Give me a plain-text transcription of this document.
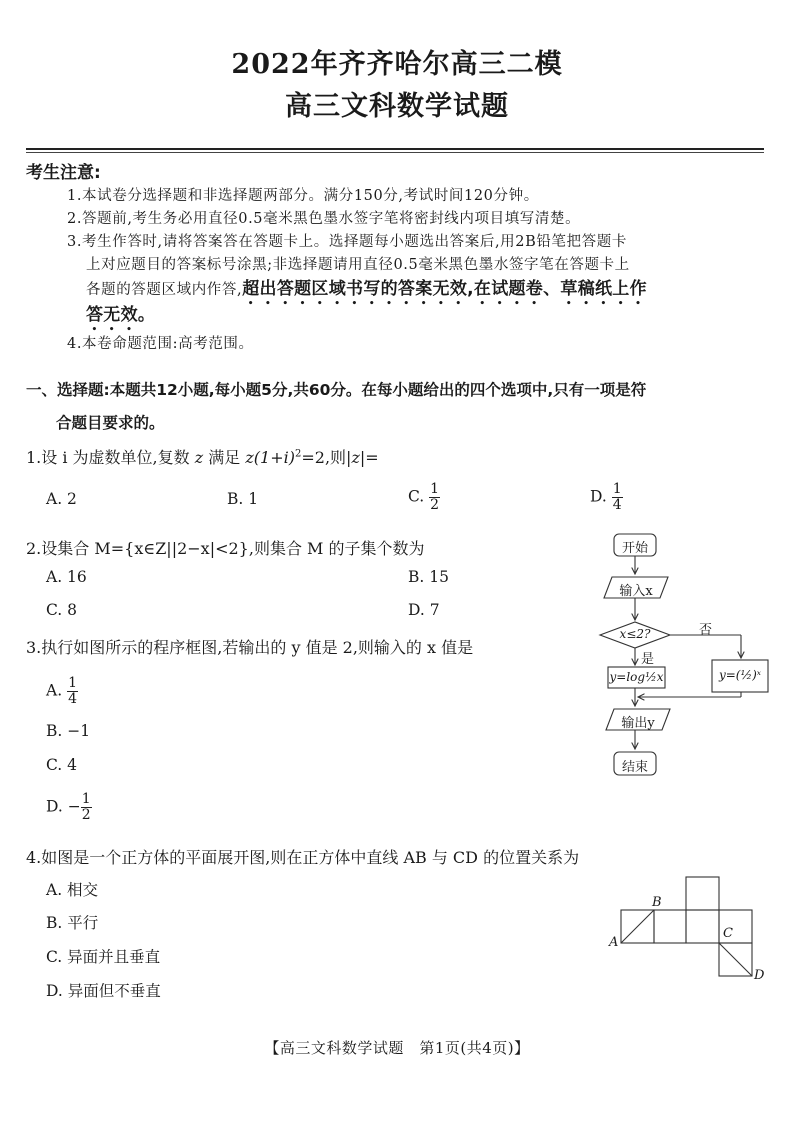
2022年齐齐哈尔高三二模
高三文科数学试题
考生注意:
1.本试卷分选择题和非选择题两部分。满分150分,考试时间120分钟。
2.答题前,考生务必用直径0.5毫米黑色墨水签字笔将密封线内项目填写清楚。
3.考生作答时,请将答案答在答题卡上。选择题每小题选出答案后,用2B铅笔把答题卡
上对应题目的答案标号涂黑;非选择题请用直径0.5毫米黑色墨水签字笔在答题卡上
各题的答题区域内作答,超出答题区域书写的答案无效,在试题卷、草稿纸上作
答无效。
4.本卷命题范围:高考范围。
一、选择题:本题共12小题,每小题5分,共60分。在每小题给出的四个选项中,只有一项是符
合题目要求的。
1.设 i 为虚数单位,复数 z 满足 $z(1+i)^2=2$,则|z|=
A. 2	B. 1	C. $\frac{1}{2}$	D. $\frac{1}{4}$
2.设集合 M={x∈Z||2−x|<2},则集合 M 的子集个数为
A. 16	B. 15
C. 8	D. 7
3.执行如图所示的程序框图,若输出的 y 值是 2,则输入的 x 值是
A. $\frac{1}{4}$
B. −1
C. 4
D. − $\frac{1}{2}$
开始
输入x
x≤2?
是
否
y=log½x	y=(½)ˣ
输出y
结束
4.如图是一个正方体的平面展开图,则在正方体中直线 AB 与 CD 的位置关系为
A. 相交
B. 平行
C. 异面并且垂直
D. 异面但不垂直
A
B
C
D
【高三文科数学试题　第1页(共4页)】
